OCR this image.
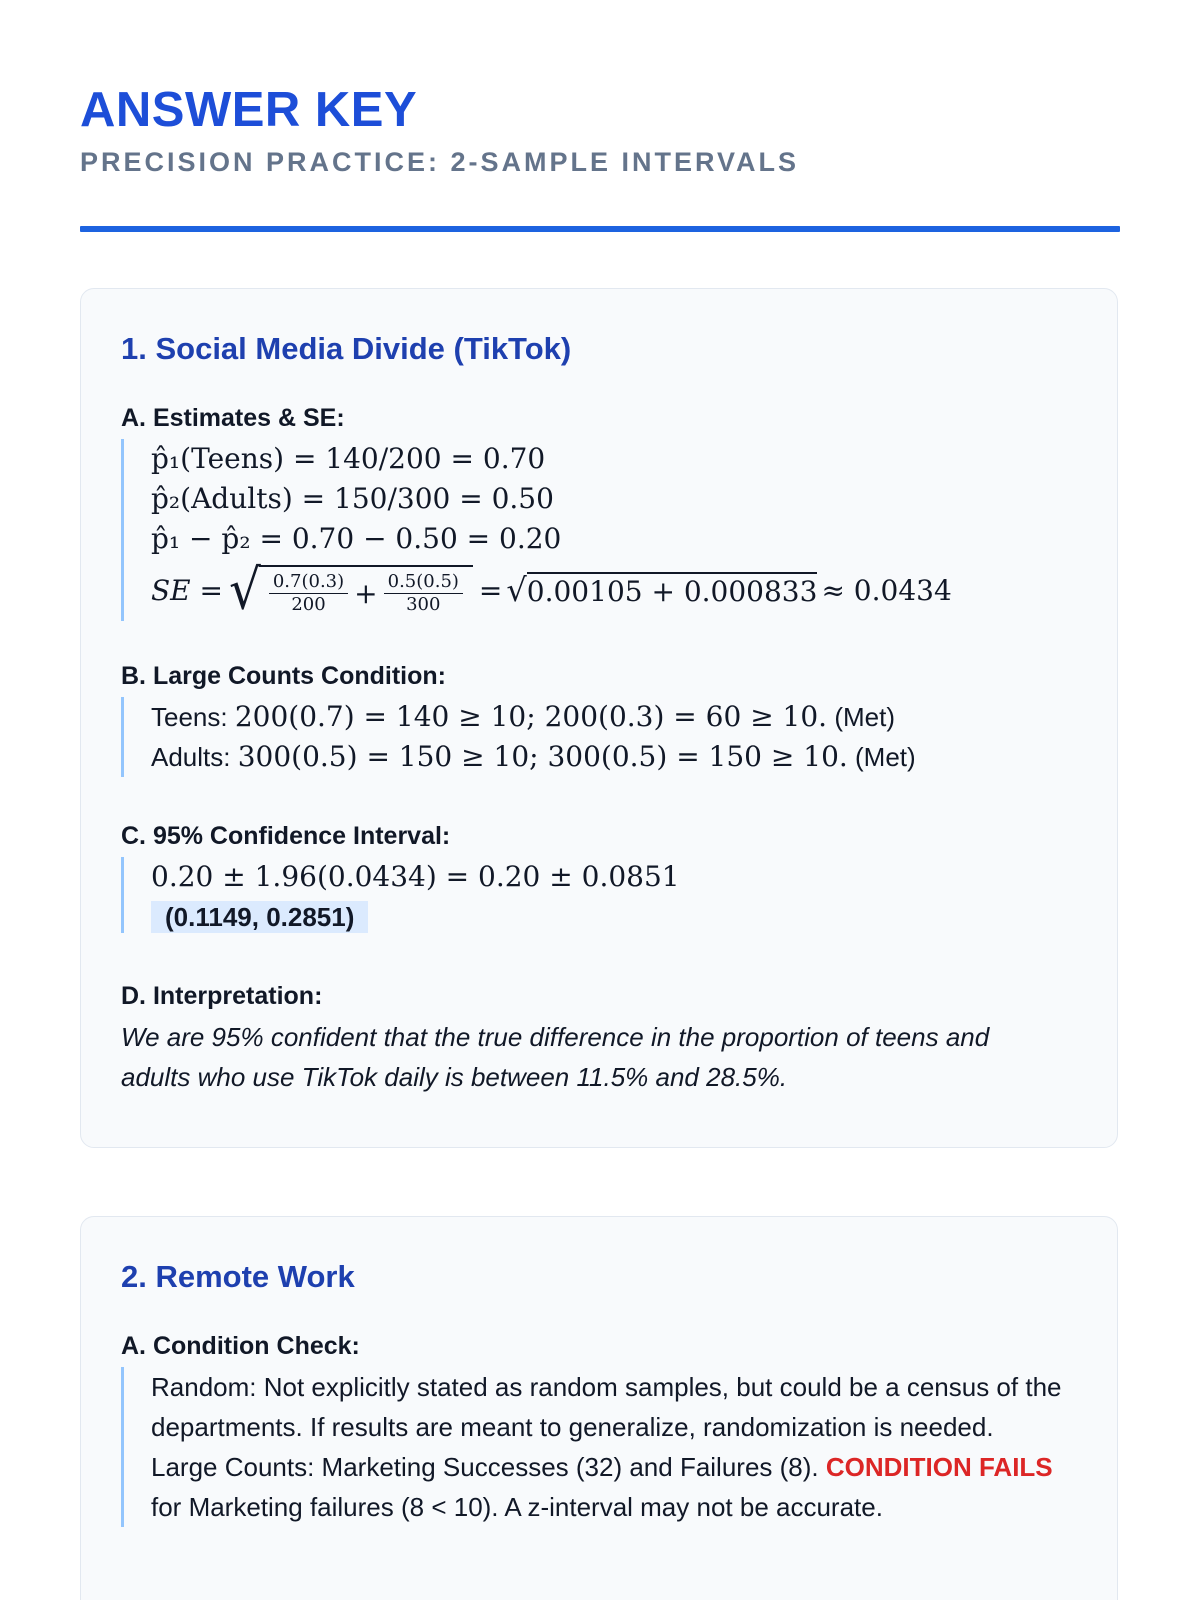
ANSWER KEY
PRECISION PRACTICE: 2-SAMPLE INTERVALS
1. Social Media Divide (TikTok)
A. Estimates & SE:
p̂₁(Teens) = 140/200 = 0.70
p̂₂(Adults) = 150/300 = 0.50
p̂₁ − p̂₂ = 0.70 − 0.50 = 0.20
SE = √ $\frac{0.7(0.3)}{200} + \frac{0.5(0.5)}{300}$ = √ 0.00105 + 0.000833 ≈ 0.0434
B. Large Counts Condition:
Teens: 200(0.7) = 140 ≥ 10; 200(0.3) = 60 ≥ 10. (Met)
Adults: 300(0.5) = 150 ≥ 10; 300(0.5) = 150 ≥ 10. (Met)
C. 95% Confidence Interval:
0.20 ± 1.96(0.0434) = 0.20 ± 0.0851
(0.1149, 0.2851)
D. Interpretation:
We are 95% confident that the true difference in the proportion of teens and adults who use TikTok daily is between 11.5% and 28.5%.
2. Remote Work
A. Condition Check:
Random: Not explicitly stated as random samples, but could be a census of the departments. If results are meant to generalize, randomization is needed.
Large Counts: Marketing Successes (32) and Failures (8). CONDITION FAILS for Marketing failures (8 < 10). A z-interval may not be accurate.
